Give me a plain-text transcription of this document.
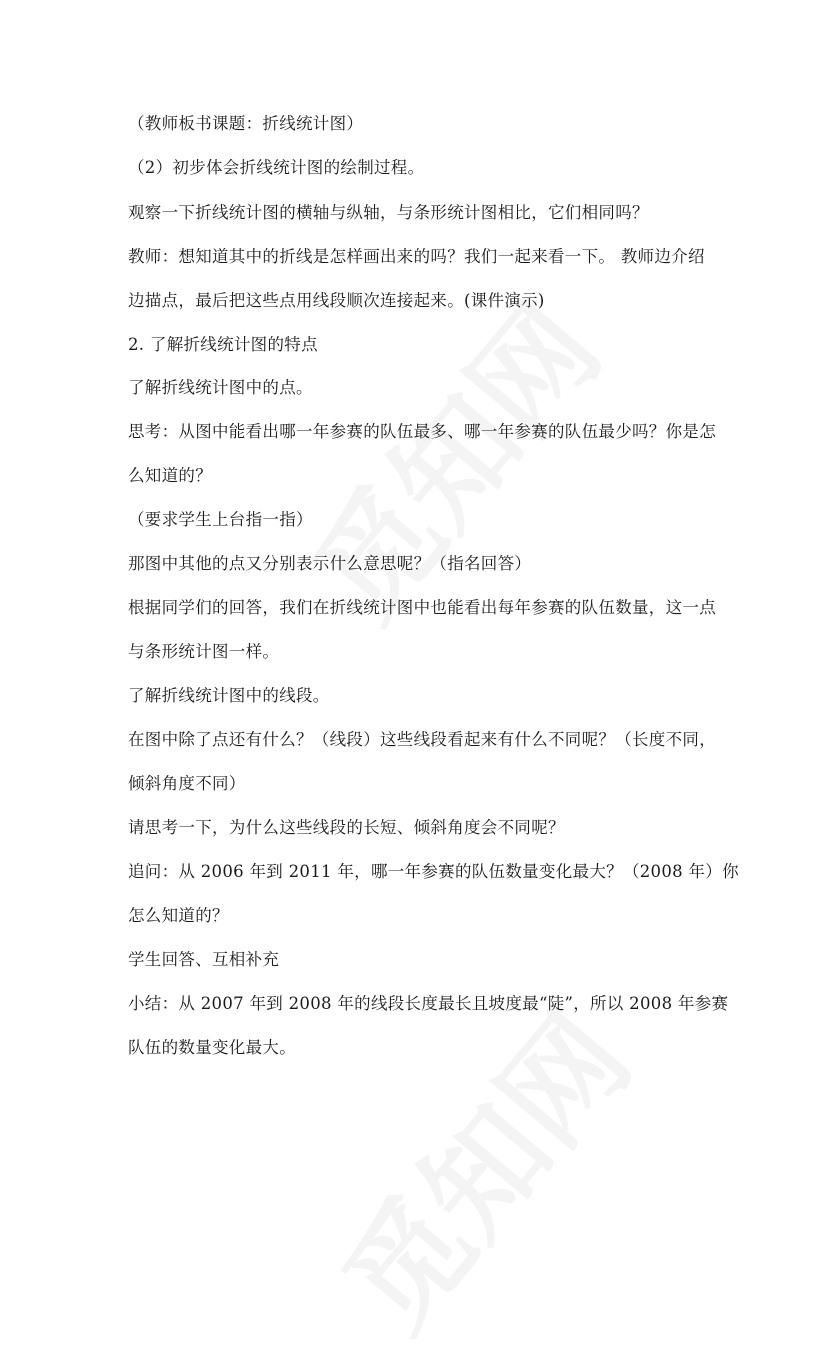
（教师板书课题：折线统计图）
（2）初步体会折线统计图的绘制过程。
观察一下折线统计图的横轴与纵轴，与条形统计图相比，它们相同吗？
教师：想知道其中的折线是怎样画出来的吗？我们一起来看一下。 教师边介绍
边描点，最后把这些点用线段顺次连接起来。(课件演示)
2. 了解折线统计图的特点
了解折线统计图中的点。
思考：从图中能看出哪一年参赛的队伍最多、哪一年参赛的队伍最少吗？你是怎
么知道的？
（要求学生上台指一指）
那图中其他的点又分别表示什么意思呢？（指名回答）
根据同学们的回答，我们在折线统计图中也能看出每年参赛的队伍数量，这一点
与条形统计图一样。
了解折线统计图中的线段。
在图中除了点还有什么？（线段）这些线段看起来有什么不同呢？（长度不同，
倾斜角度不同）
请思考一下，为什么这些线段的长短、倾斜角度会不同呢？
追问：从 2006 年到 2011 年，哪一年参赛的队伍数量变化最大？（2008 年）你
怎么知道的？
学生回答、互相补充
小结：从 2007 年到 2008 年的线段长度最长且坡度最“陡”，所以 2008 年参赛
队伍的数量变化最大。
